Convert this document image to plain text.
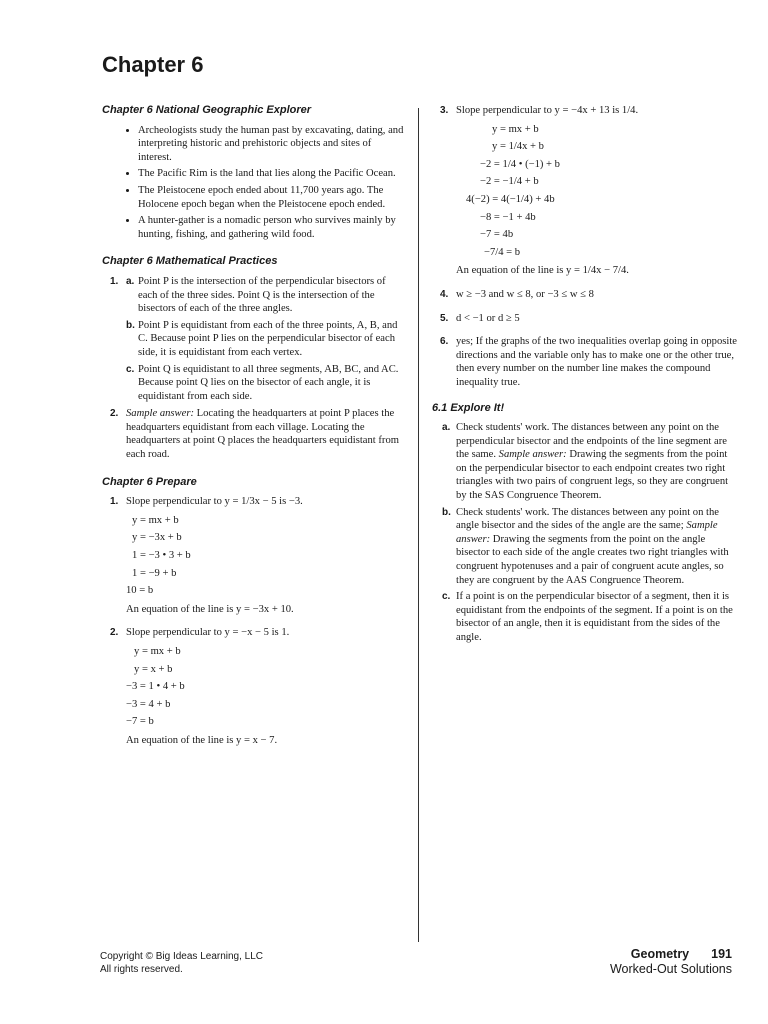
Chapter 6

Chapter 6 National Geographic Explorer

• Archeologists study the human past by excavating, dating, and interpreting historic and prehistoric objects and sites of interest.
• The Pacific Rim is the land that lies along the Pacific Ocean.
• The Pleistocene epoch ended about 11,700 years ago. The Holocene epoch began when the Pleistocene epoch ended.
• A hunter-gather is a nomadic person who survives mainly by hunting, fishing, and gathering wild food.

Chapter 6 Mathematical Practices

1. a. Point P is the intersection of the perpendicular bisectors of each of the three sides. Point Q is the intersection of the bisectors of each of the three angles.
b. Point P is equidistant from each of the three points, A, B, and C. Because point P lies on the perpendicular bisector of each side, it is equidistant from each vertex.
c. Point Q is equidistant to all three segments, AB, BC, and AC. Because point Q lies on the bisector of each angle, it is equidistant from each side.
2. Sample answer: Locating the headquarters at point P places the headquarters equidistant from each village. Locating the headquarters at point Q places the headquarters equidistant from each road.

Chapter 6 Prepare

1. Slope perpendicular to y = 1/3x − 5 is −3.
y = mx + b
y = −3x + b
1 = −3 • 3 + b
1 = −9 + b
10 = b
An equation of the line is y = −3x + 10.
2. Slope perpendicular to y = −x − 5 is 1.
y = mx + b
y = x + b
−3 = 1 • 4 + b
−3 = 4 + b
−7 = b
An equation of the line is y = x − 7.
3. Slope perpendicular to y = −4x + 13 is 1/4.
y = mx + b
y = 1/4x + b
−2 = 1/4 • (−1) + b
−2 = −1/4 + b
4(−2) = 4(−1/4) + 4b
−8 = −1 + 4b
−7 = 4b
−7/4 = b
An equation of the line is y = 1/4x − 7/4.
4. w ≥ −3 and w ≤ 8, or −3 ≤ w ≤ 8
5. d < −1 or d ≥ 5
6. yes; If the graphs of the two inequalities overlap going in opposite directions and the variable only has to make one or the other true, then every number on the number line makes the compound inequality true.

6.1 Explore It!

a. Check students' work. The distances between any point on the perpendicular bisector and the endpoints of the line segment are the same. Sample answer: Drawing the segments from the point on the perpendicular bisector to each endpoint creates two right triangles with two pairs of congruent legs, so they are congruent by the SAS Congruence Theorem.
b. Check students' work. The distances between any point on the angle bisector and the sides of the angle are the same; Sample answer: Drawing the segments from the point on the angle bisector to each side of the angle creates two right triangles with congruent hypotenuses and a pair of congruent acute angles, so they are congruent by the AAS Congruence Theorem.
c. If a point is on the perpendicular bisector of a segment, then it is equidistant from the endpoints of the segment. If a point is on the bisector of an angle, then it is equidistant from the sides of the angle.
Copyright © Big Ideas Learning, LLC
All rights reserved.
Geometry 191
Worked-Out Solutions
